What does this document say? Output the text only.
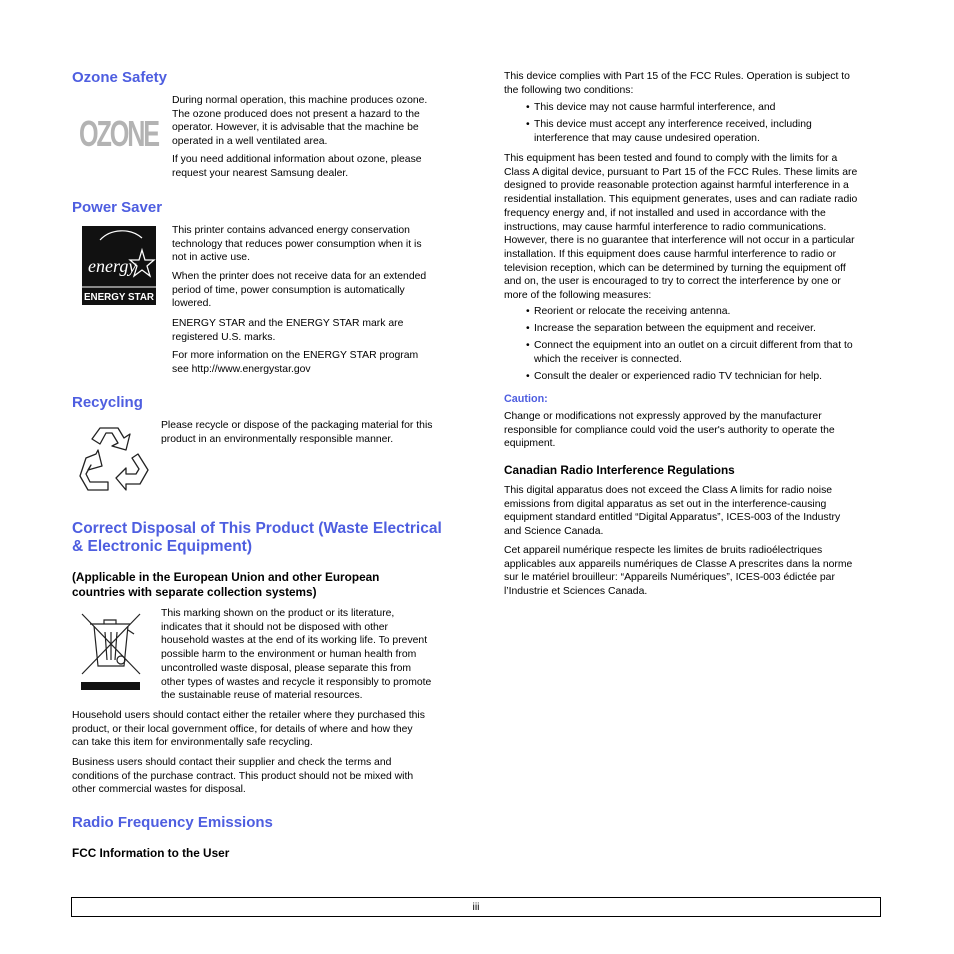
Ozone Safety
OZONE
During normal operation, this machine produces ozone.
The ozone produced does not present a hazard to the
operator. However, it is advisable that the machine be
operated in a well ventilated area.
If you need additional information about ozone, please
request your nearest Samsung dealer.
Power Saver
energy
ENERGY STAR
This printer contains advanced energy conservation
technology that reduces power consumption when it is
not in active use.
When the printer does not receive data for an extended
period of time, power consumption is automatically
lowered.
ENERGY STAR and the ENERGY STAR mark are
registered U.S. marks.
For more information on the ENERGY STAR program
see http://www.energystar.gov
Recycling
Please recycle or dispose of the packaging material for this
product in an environmentally responsible manner.
Correct Disposal of This Product (Waste Electrical
& Electronic Equipment)
(Applicable in the European Union and other European
countries with separate collection systems)
This marking shown on the product or its literature,
indicates that it should not be disposed with other
household wastes at the end of its working life. To prevent
possible harm to the environment or human health from
uncontrolled waste disposal, please separate this from
other types of wastes and recycle it responsibly to promote
the sustainable reuse of material resources.
Household users should contact either the retailer where they purchased this
product, or their local government office, for details of where and how they
can take this item for environmentally safe recycling.
Business users should contact their supplier and check the terms and
conditions of the purchase contract. This product should not be mixed with
other commercial wastes for disposal.
Radio Frequency Emissions
FCC Information to the User
This device complies with Part 15 of the FCC Rules. Operation is subject to
the following two conditions:
• This device may not cause harmful interference, and
• This device must accept any interference received, including
interference that may cause undesired operation.
This equipment has been tested and found to comply with the limits for a
Class A digital device, pursuant to Part 15 of the FCC Rules. These limits are
designed to provide reasonable protection against harmful interference in a
residential installation. This equipment generates, uses and can radiate radio
frequency energy and, if not installed and used in accordance with the
instructions, may cause harmful interference to radio communications.
However, there is no guarantee that interference will not occur in a particular
installation. If this equipment does cause harmful interference to radio or
television reception, which can be determined by turning the equipment off
and on, the user is encouraged to try to correct the interference by one or
more of the following measures:
• Reorient or relocate the receiving antenna.
• Increase the separation between the equipment and receiver.
• Connect the equipment into an outlet on a circuit different from that to
which the receiver is connected.
• Consult the dealer or experienced radio TV technician for help.
Caution:
Change or modifications not expressly approved by the manufacturer
responsible for compliance could void the user's authority to operate the
equipment.
Canadian Radio Interference Regulations
This digital apparatus does not exceed the Class A limits for radio noise
emissions from digital apparatus as set out in the interference-causing
equipment standard entitled “Digital Apparatus”, ICES-003 of the Industry
and Science Canada.
Cet appareil numérique respecte les limites de bruits radioélectriques
applicables aux appareils numériques de Classe A prescrites dans la norme
sur le matériel brouilleur: “Appareils Numériques”, ICES-003 édictée par
l’Industrie et Sciences Canada.
iii
